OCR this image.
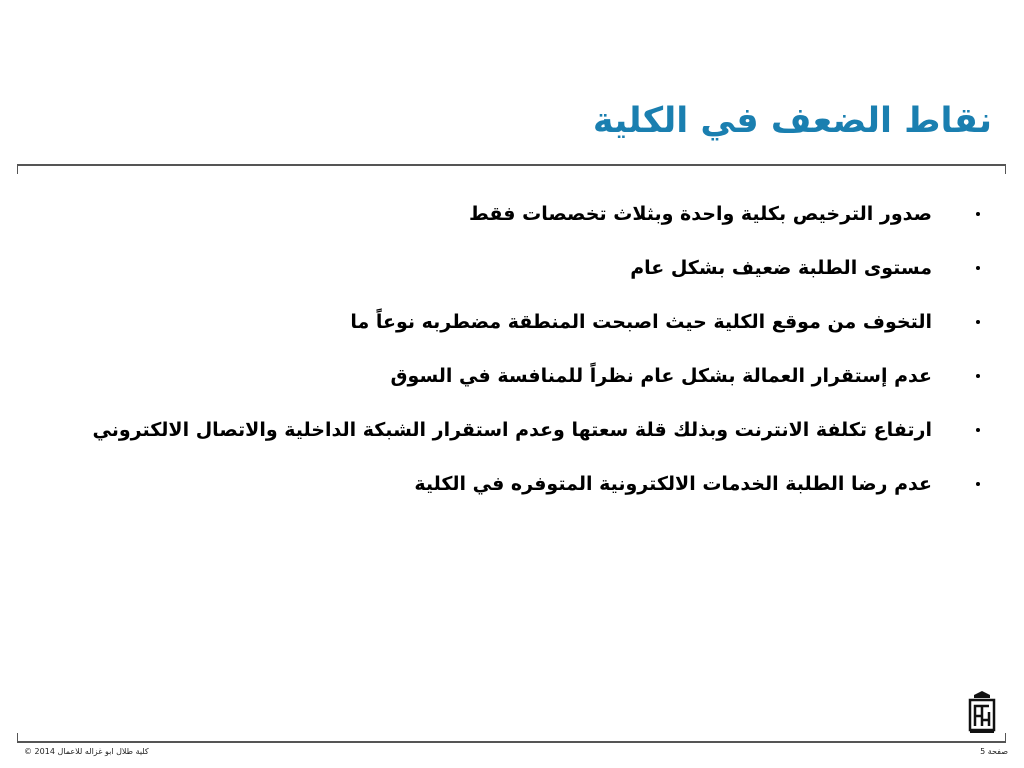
نقاط الضعف في الكلية
صدور الترخيص بكلية واحدة وبثلاث تخصصات فقط
مستوى الطلبة ضعيف بشكل عام
التخوف من موقع الكلية حيث اصبحت المنطقة مضطربه نوعاً ما
عدم إستقرار العمالة بشكل عام نظراً للمنافسة في السوق
ارتفاع تكلفة الانترنت وبذلك قلة سعتها وعدم استقرار الشبكة الداخلية والاتصال الالكتروني
عدم رضا الطلبة الخدمات الالكترونية المتوفره في الكلية
كلية طلال ابو غزاله للاعمال 2014 ©	صفحة 5
